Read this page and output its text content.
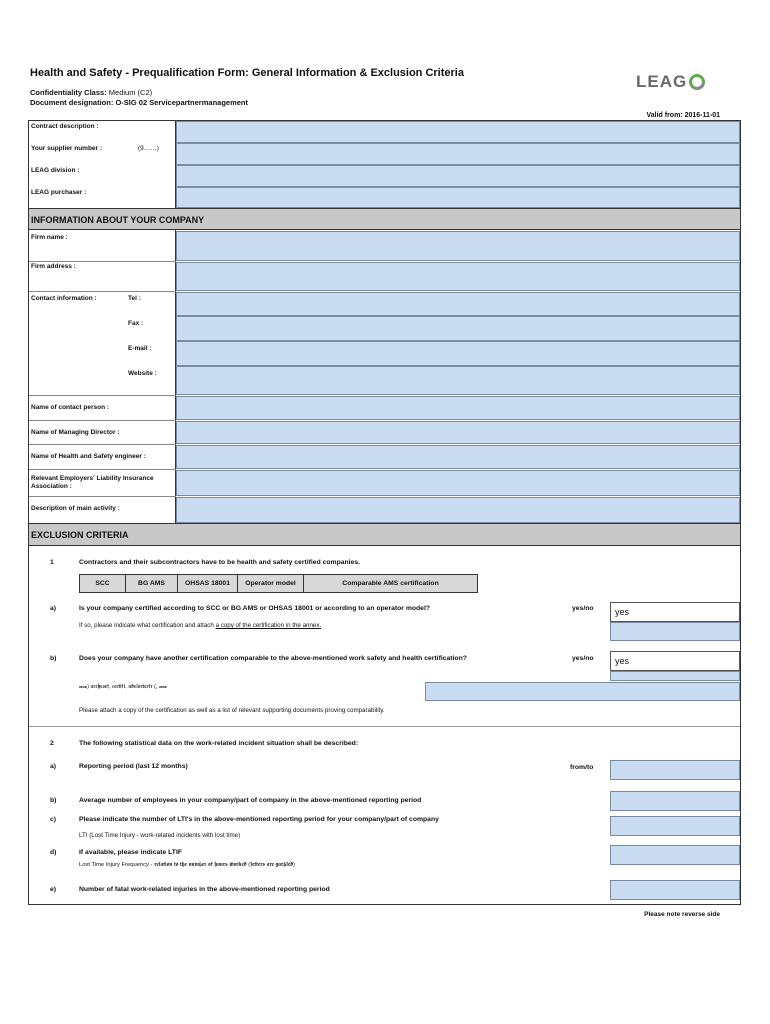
Health and Safety - Prequalification Form: General Information & Exclusion Criteria
Confidentiality Class: Medium (C2)
Document designation: O-SIG 02 Servicepartnermanagement
LEAG
Valid from: 2016-11-01
Contract description :
Your supplier number :	(9……)
LEAG division :
LEAG purchaser :
INFORMATION ABOUT YOUR COMPANY
Firm name :
Firm address :
Contact information :	Tel :
Fax :
E-mail :
Website :
Name of contact person :
Name of Managing Director :
Name of Health and Safety engineer :
Relevant Employers' Liability Insurance
Association :
Description of main activity :
EXCLUSION CRITERIA
1	Contractors and their subcontractors have to be health and safety certified companies.
SCC	BG AMS	OHSAS 18001	Operator model	Comparable AMS certification
a)	Is your company certified according to SCC or BG AMS or OHSAS 18001 or according to an operator model?	yes/no	yes
If so, please indicate what certification and attach a copy of the certification in the annex.
b)	Does your company have another certification comparable to the above-mentioned work safety and health certification?	yes/no	yes
𝔀𝔀) 𝖆𝖗𝖗𝖍𝖊𝖔𝖊𝖋, 𝖈𝖊𝖗𝖙𝖎𝖋𝖎, 𝖓𝖉𝖊𝖑𝖔𝖗𝖙𝖊𝖗𝖋𝖗 (, 𝔀𝔀
Please attach a copy of the certification as well as a list of relevant supporting documents proving comparability.
2	The following statistical data on the work-related incident situation shall be described:
a)	Reporting period (last 12 months)	from/to
b)	Average number of employees in your company/part of company in the above-mentioned reporting period
c)	Please indicate the number of LTI's in the above-mentioned reporting period for your company/part of company
LTI (Lost Time Injury - work-related incidents with lost time)
d)	If available, please indicate LTIF
Lost Time Injury Frequency - 𝖗𝖊𝖑𝖆𝖙𝖎𝖔𝖓 𝖙𝖔 𝖙𝖍𝖊 𝖓𝖚𝖒𝖇𝖊𝖗 𝖔𝖋 𝖍𝖔𝖚𝖗𝖘 𝖜𝖔𝖗𝖐𝖊𝖉 (𝖑𝖊𝖙𝖙𝖊𝖗𝖘 𝖆𝖗𝖊 𝖌𝖆𝖗𝖇𝖑𝖊𝖉)
e)	Number of fatal work-related injuries in the above-mentioned reporting period
Please note reverse side
